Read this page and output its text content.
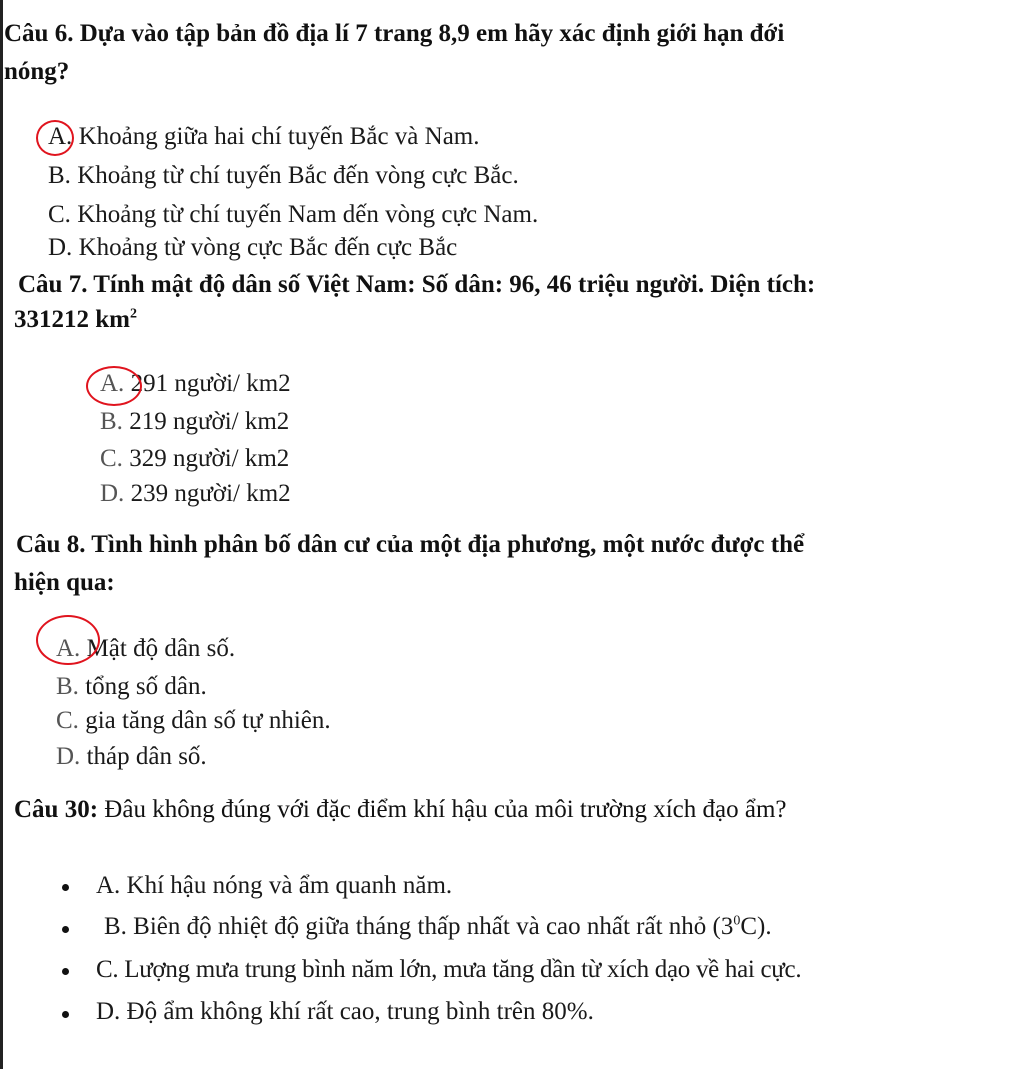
Câu 6. Dựa vào tập bản đồ địa lí 7 trang 8,9 em hãy xác định giới hạn đới
nóng?
A. Khoảng giữa hai chí tuyến Bắc và Nam.
B. Khoảng từ chí tuyến Bắc đến vòng cực Bắc.
C. Khoảng từ chí tuyến Nam dến vòng cực Nam.
D. Khoảng từ vòng cực Bắc đến cực Bắc
Câu 7. Tính mật độ dân số Việt Nam: Số dân: 96, 46 triệu người. Diện tích:
331212 $km^2$
A. 291 người/ km2
B. 219 người/ km2
C. 329 người/ km2
D. 239 người/ km2
Câu 8. Tình hình phân bố dân cư của một địa phương, một nước được thể
hiện qua:
A. Mật độ dân số.
B. tổng số dân.
C. gia tăng dân số tự nhiên.
D. tháp dân số.
Câu 30: Đâu không đúng với đặc điểm khí hậu của môi trường xích đạo ẩm?
A. Khí hậu nóng và ẩm quanh năm.
B. Biên độ nhiệt độ giữa tháng thấp nhất và cao nhất rất nhỏ $(3^0C)$.
C. Lượng mưa trung bình năm lớn, mưa tăng dần từ xích dạo về hai cực.
D. Độ ẩm không khí rất cao, trung bình trên 80%.
